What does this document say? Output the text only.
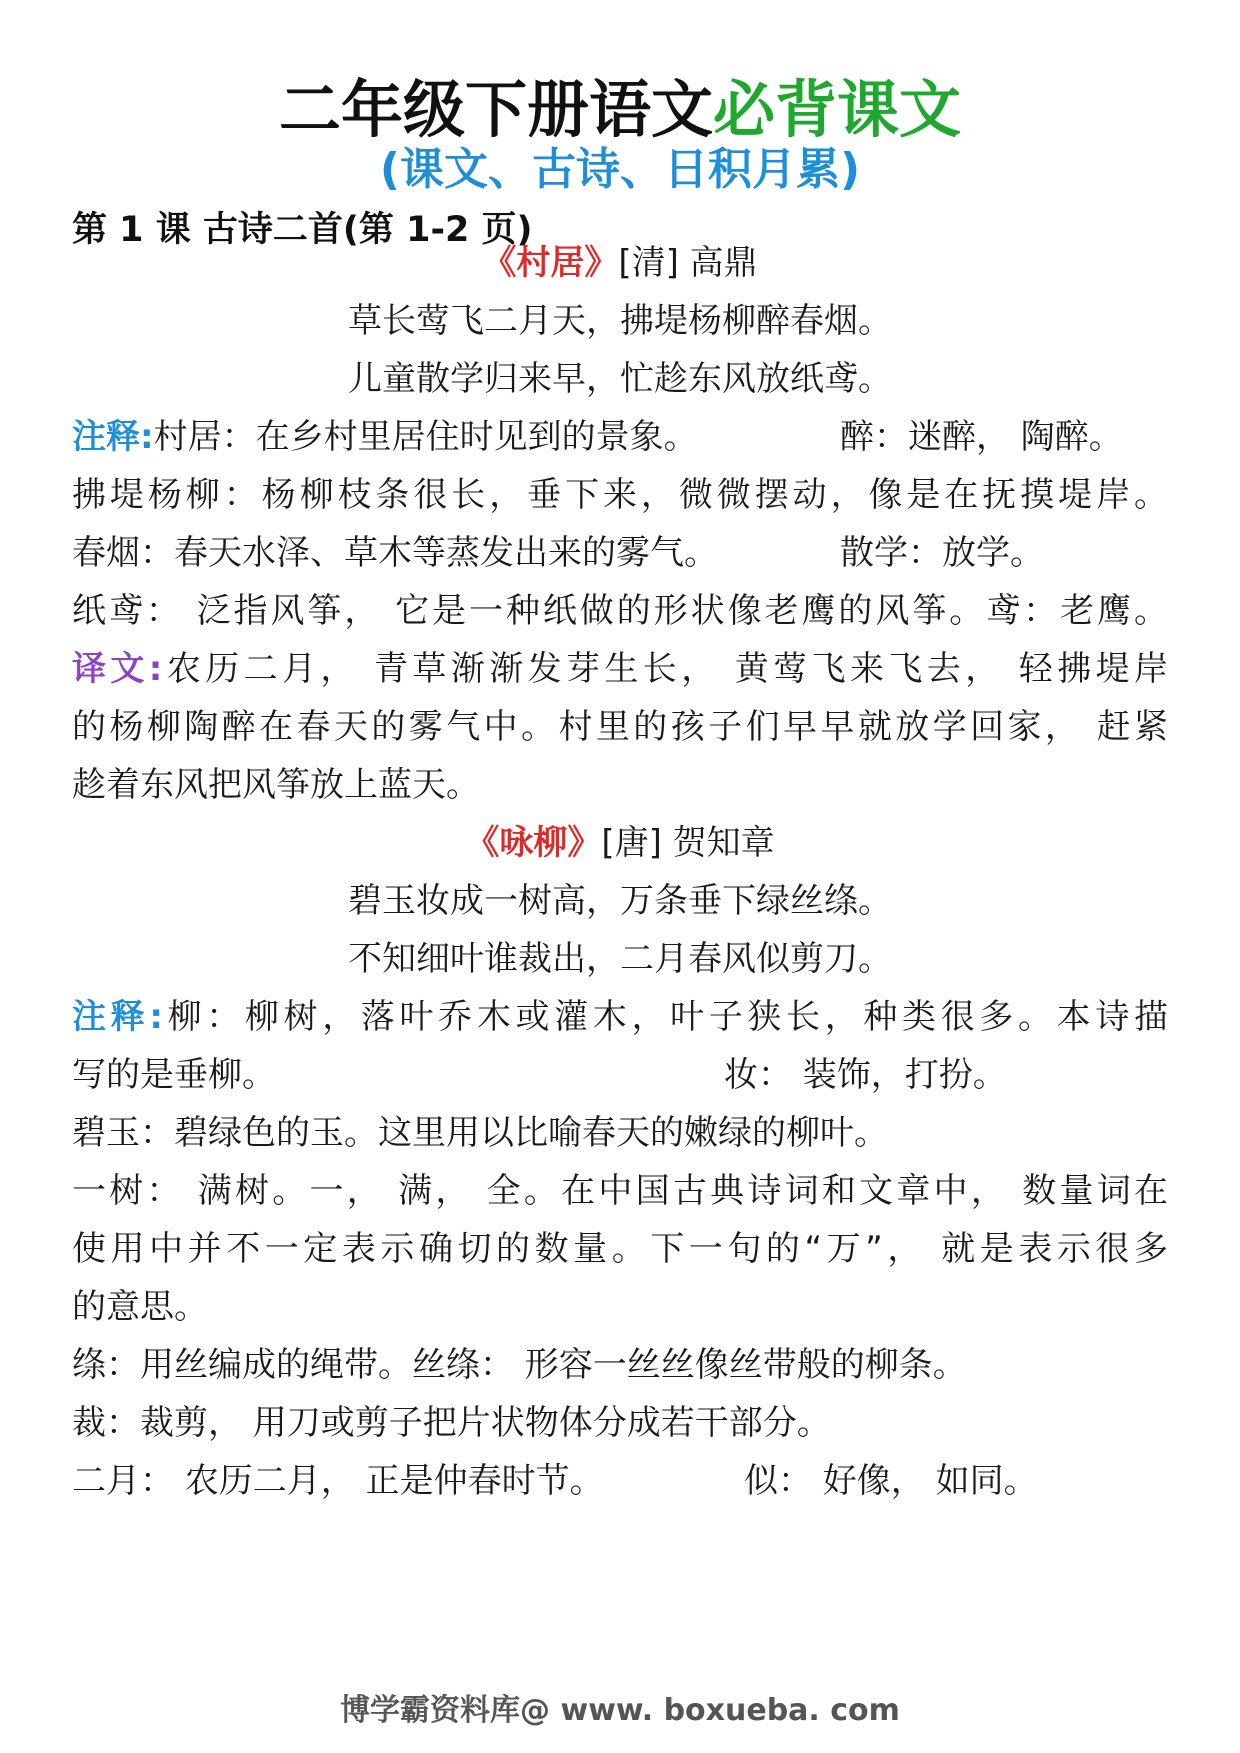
二年级下册语文必背课文
(课文、古诗、日积月累)
第 1 课 古诗二首(第 1-2 页)
《村居》[清] 高鼎
草长莺飞二月天，拂堤杨柳醉春烟。
儿童散学归来早，忙趁东风放纸鸢。
注释:村居：在乡村里居住时见到的景象。	醉：迷醉， 陶醉。
拂堤杨柳：杨柳枝条很长，垂下来，微微摆动，像是在抚摸堤岸。
春烟：春天水泽、草木等蒸发出来的雾气。	散学：放学。
纸鸢： 泛指风筝， 它是一种纸做的形状像老鹰的风筝。鸢：老鹰。
译文:农历二月， 青草渐渐发芽生长， 黄莺飞来飞去， 轻拂堤岸
的杨柳陶醉在春天的雾气中。村里的孩子们早早就放学回家， 赶紧
趁着东风把风筝放上蓝天。
《咏柳》[唐] 贺知章
碧玉妆成一树高，万条垂下绿丝绦。
不知细叶谁裁出，二月春风似剪刀。
注释:柳：柳树，落叶乔木或灌木，叶子狭长，种类很多。本诗描
写的是垂柳。	妆： 装饰，打扮。
碧玉：碧绿色的玉。这里用以比喻春天的嫩绿的柳叶。
一树： 满树。一， 满， 全。在中国古典诗词和文章中， 数量词在
使用中并不一定表示确切的数量。下一句的“万”， 就是表示很多
的意思。
绦：用丝编成的绳带。丝绦： 形容一丝丝像丝带般的柳条。
裁：裁剪， 用刀或剪子把片状物体分成若干部分。
二月： 农历二月， 正是仲春时节。	似： 好像， 如同。
博学霸资料库@ www. boxueba. com
